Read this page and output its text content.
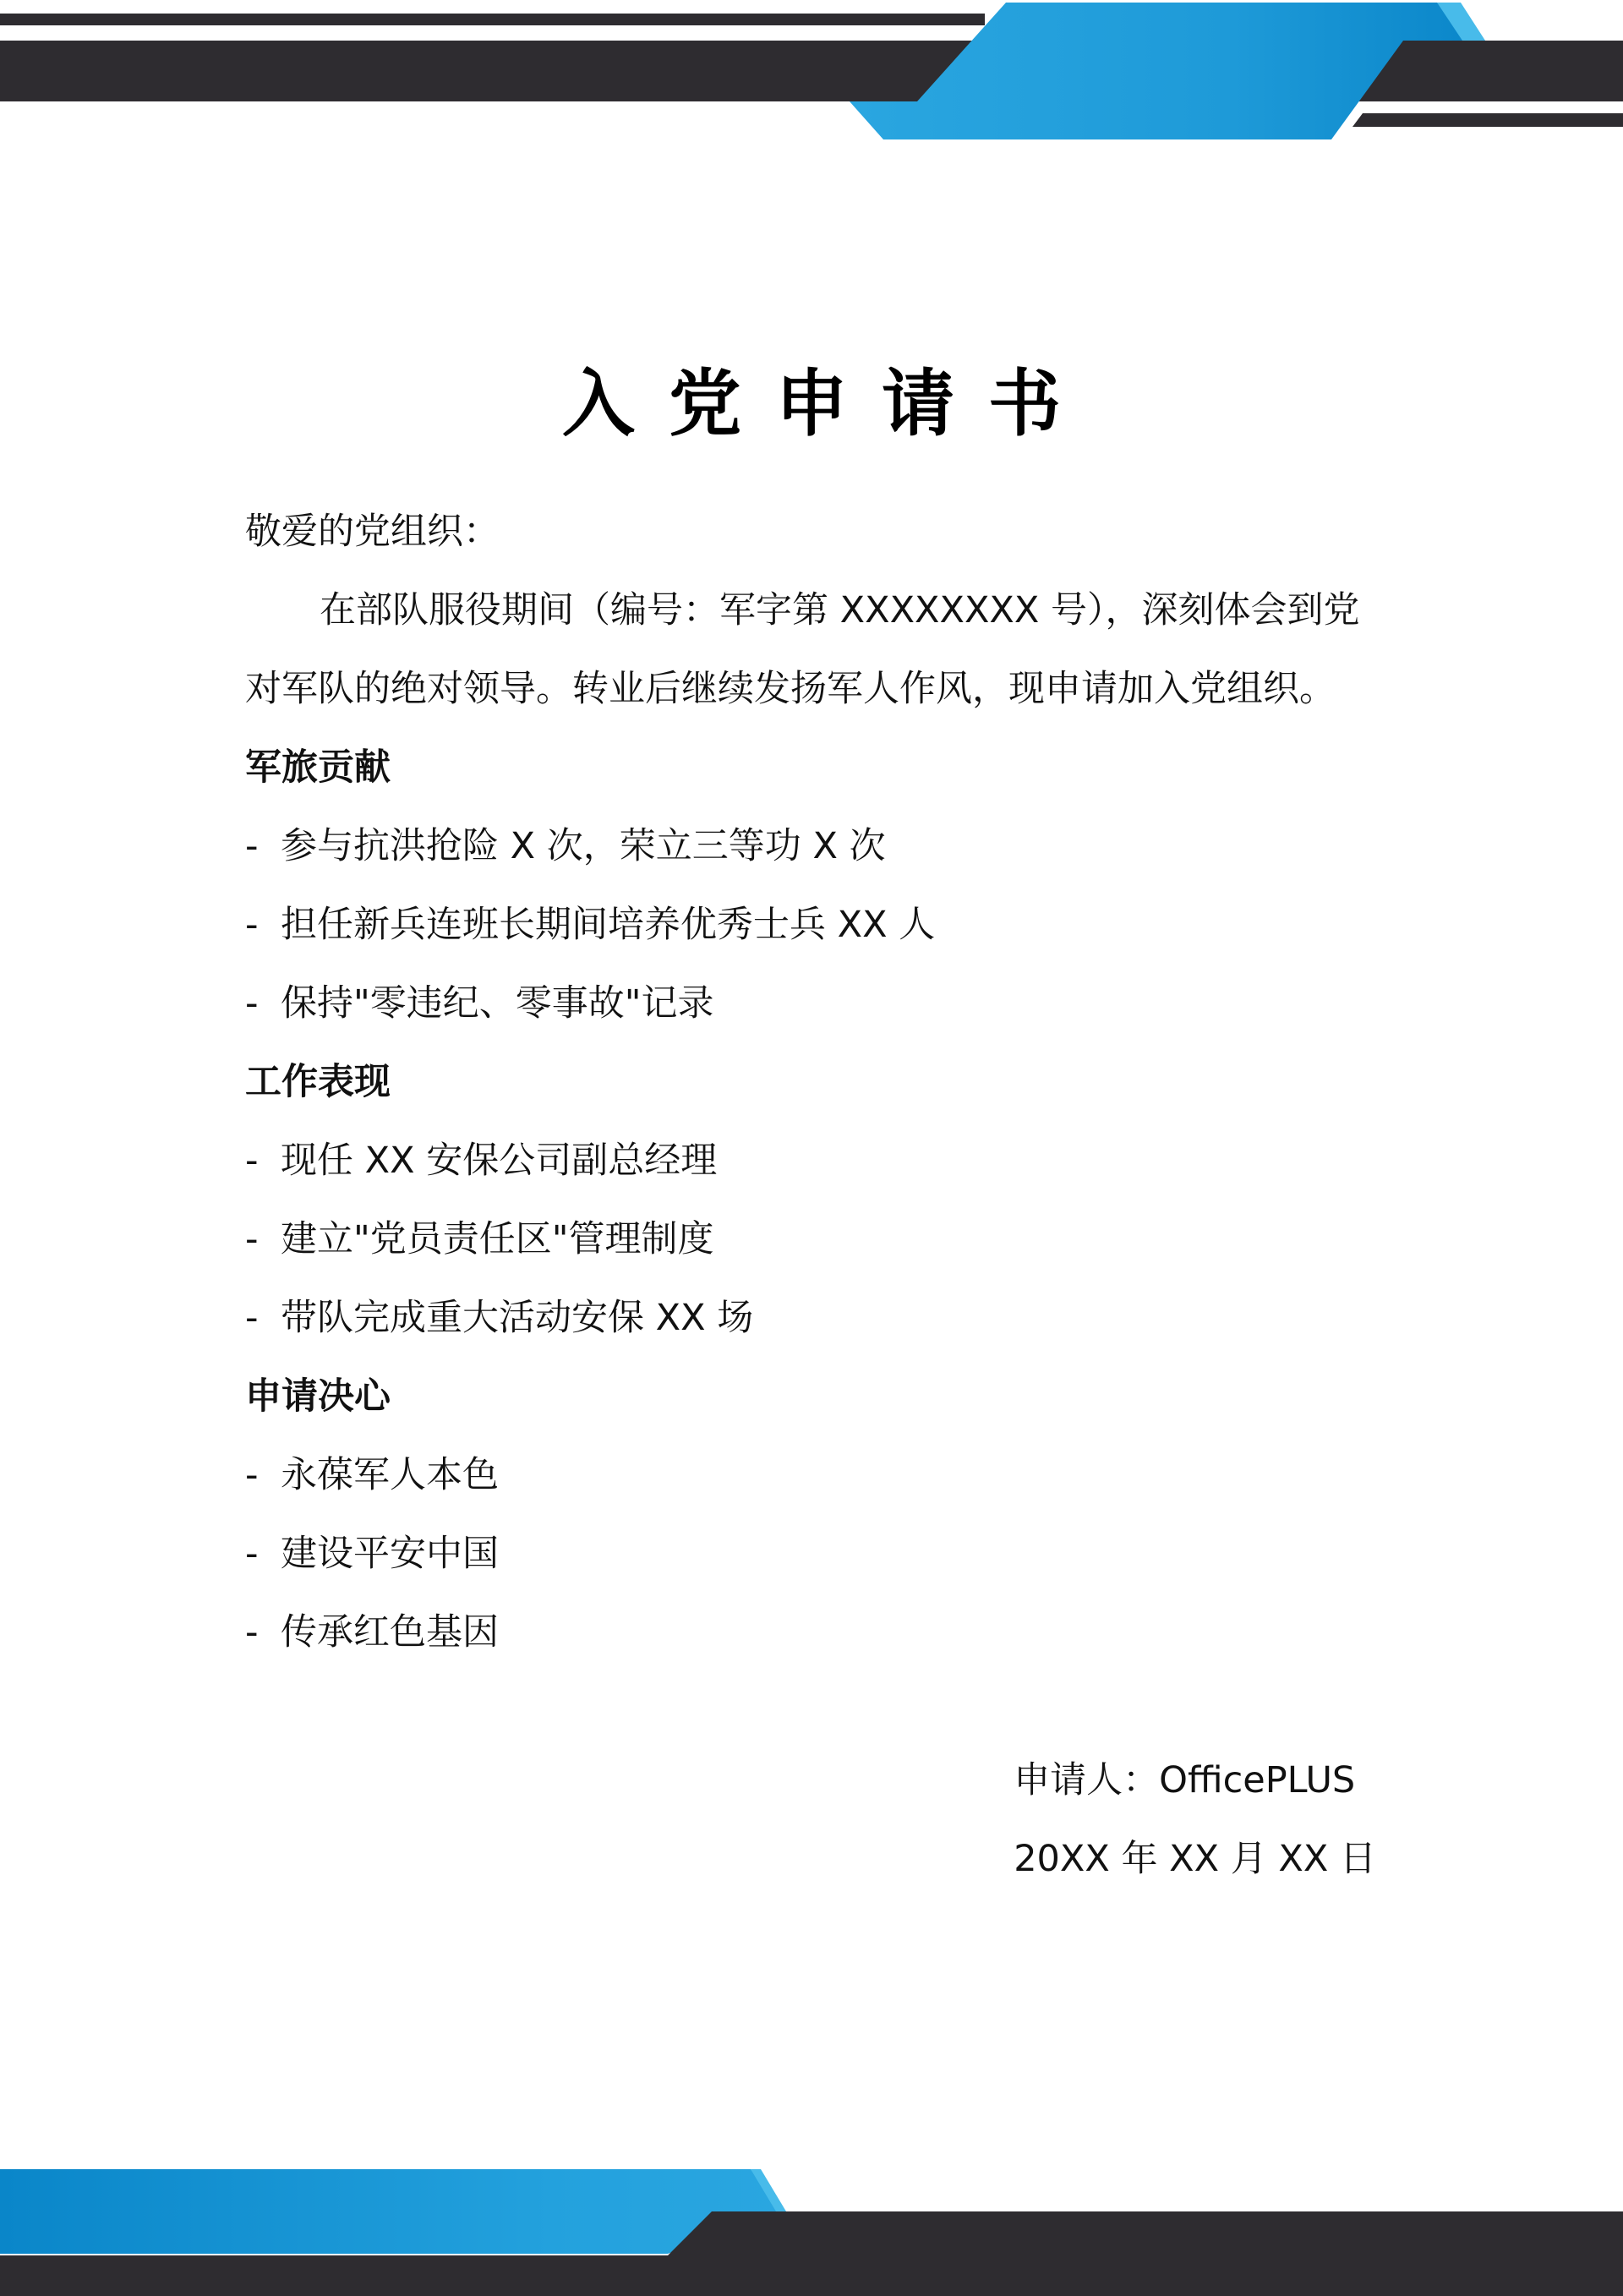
入党申请书
敬爱的党组织：
在部队服役期间（编号：军字第 XXXXXXXX 号），深刻体会到党
对军队的绝对领导。转业后继续发扬军人作风，现申请加入党组织。
军旅贡献
- 参与抗洪抢险 X 次，荣立三等功 X 次
- 担任新兵连班长期间培养优秀士兵 XX 人
- 保持"零违纪、零事故"记录
工作表现
- 现任 XX 安保公司副总经理
- 建立"党员责任区"管理制度
- 带队完成重大活动安保 XX 场
申请决心
- 永葆军人本色
- 建设平安中国
- 传承红色基因
申请人：OfficePLUS
20XX 年 XX 月 XX 日
